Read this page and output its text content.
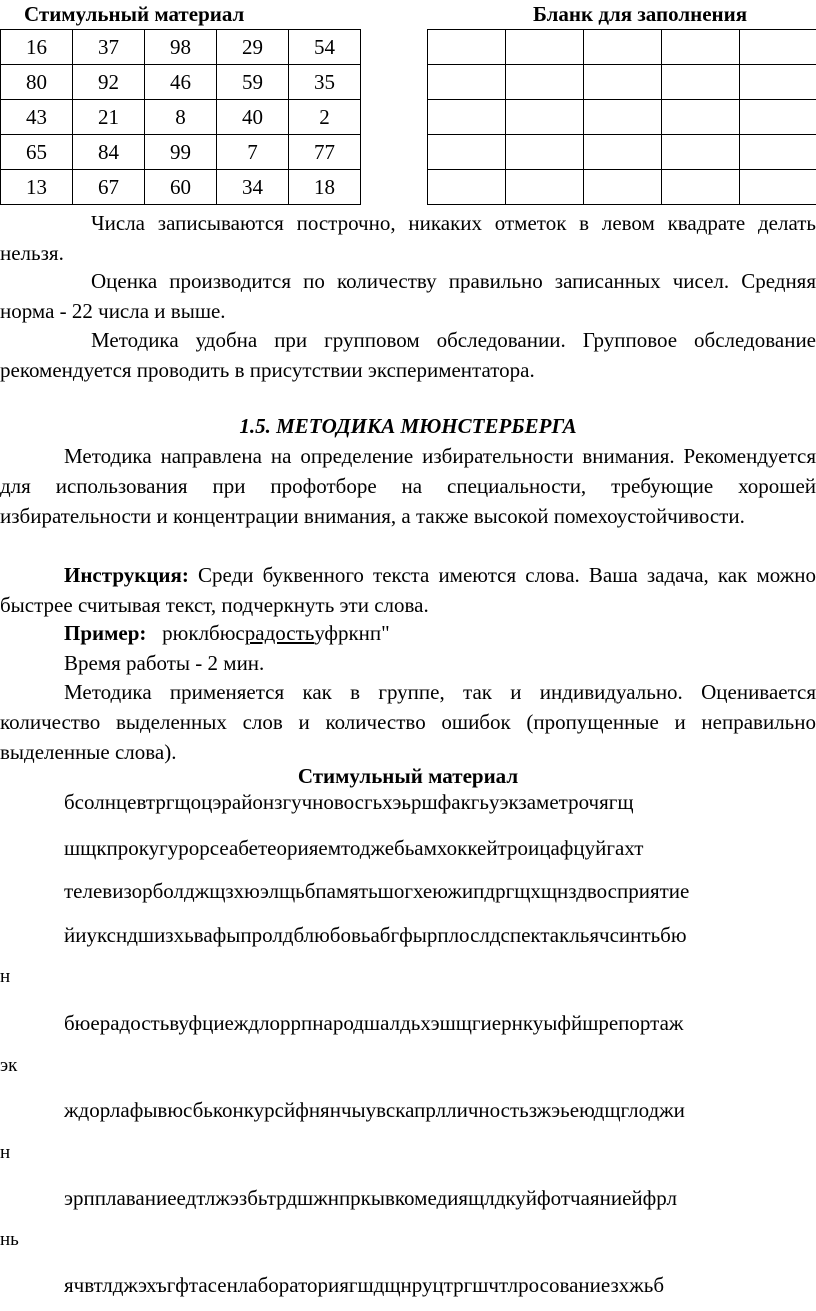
Стимульный материал	Бланк для заполнения
16	37	98	29	54
80	92	46	59	35
43	21	8	40	2
65	84	99	7	77
13	67	60	34	18

Числа записываются построчно, никаких отметок в левом квадрате делать нельзя.
Оценка производится по количеству правильно записанных чисел. Средняя норма - 22 числа и выше.
Методика удобна при групповом обследовании. Групповое обследование рекомендуется проводить в присутствии экспериментатора.
1.5. МЕТОДИКА МЮНСТЕРБЕРГА
Методика направлена на определение избирательности внимания. Рекомендуется для использования при профотборе на специальности, требующие хорошей избирательности и концентрации внимания, а также высокой помехоустойчивости.
Инструкция: Среди буквенного текста имеются слова. Ваша задача, как можно быстрее считывая текст, подчеркнуть эти слова.
Пример: рюклбюсрадостьуфркнп"
Время работы - 2 мин.
Методика применяется как в группе, так и индивидуально. Оценивается количество выделенных слов и количество ошибок (пропущенные и неправильно выделенные слова).
Стимульный материал
бсолнцевтргщоцэрайонзгучновосгьхэьршфакгьуэкзаметрочягщ
шщкпрокугурорсеабетеорияемтоджебьамхоккейтроицафцуйгахт
телевизорболджщзхюэлщьбпамятьшогхеюжипдргщхщнздвосприятие
йиуксндшизхьвафыпролдблюбовьабгфырплослдспектакльячсинтьбю
н
бюерадостьвуфциеждлоррпнародшалдьхэшщгиернкуыфйшрепортаж
эк
ждорлафывюсбьконкурсйфнянчыувскапрлличностьзжэьеюдщглоджи
н
эрпплаваниеедтлжэзбьтрдшжнпркывкомедиящлдкуйфотчаяниейфрл
нь
ячвтлджэхъгфтасенлабораториягшдщнруцтргшчтлросованиезхжьб
